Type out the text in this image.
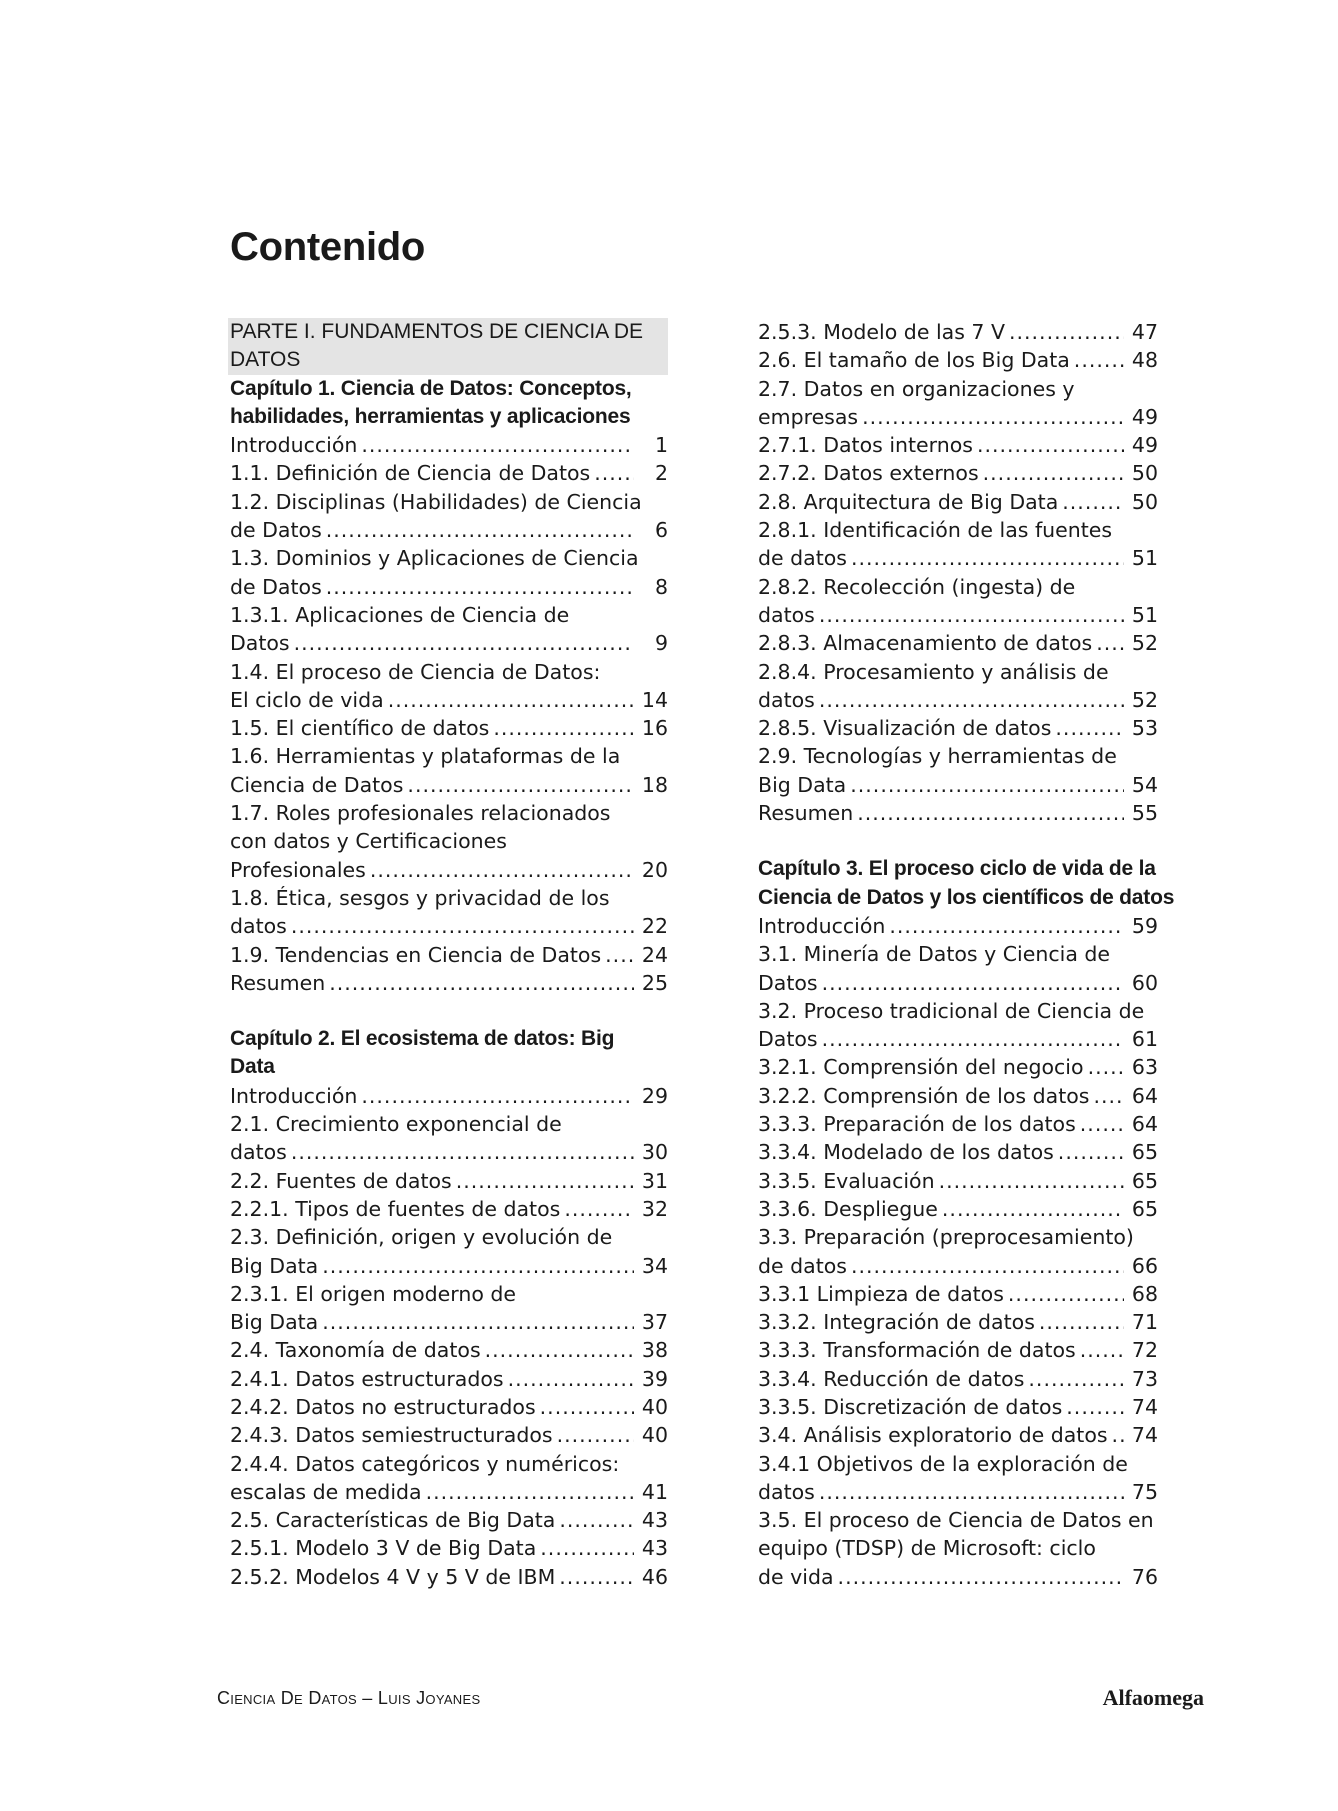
Contenido
PARTE I. FUNDAMENTOS DE CIENCIA DE
DATOS
Capítulo 1. Ciencia de Datos: Conceptos,
habilidades, herramientas y aplicaciones
Introducción .....	1
1.1. Definición de Ciencia de Datos .....	2
1.2. Disciplinas (Habilidades) de Ciencia
de Datos .....	6
1.3. Dominios y Aplicaciones de Ciencia
de Datos .....	8
1.3.1. Aplicaciones de Ciencia de
Datos .....	9
1.4. El proceso de Ciencia de Datos:
El ciclo de vida .....	14
1.5. El científico de datos .....	16
1.6. Herramientas y plataformas de la
Ciencia de Datos .....	18
1.7. Roles profesionales relacionados
con datos y Certificaciones
Profesionales .....	20
1.8. Ética, sesgos y privacidad de los
datos .....	22
1.9. Tendencias en Ciencia de Datos ..... 24
Resumen .....	25
Capítulo 2. El ecosistema de datos: Big
Data
Introducción .....	29
2.1. Crecimiento exponencial de
datos .....	30
2.2. Fuentes de datos .....	31
2.2.1. Tipos de fuentes de datos .....	32
2.3. Definición, origen y evolución de
Big Data .....	34
2.3.1. El origen moderno de
Big Data .....	37
2.4. Taxonomía de datos .....	38
2.4.1. Datos estructurados .....	39
2.4.2. Datos no estructurados .....	40
2.4.3. Datos semiestructurados .....	40
2.4.4. Datos categóricos y numéricos:
escalas de medida .....	41
2.5. Características de Big Data .....	43
2.5.1. Modelo 3 V de Big Data .....	43
2.5.2. Modelos 4 V y 5 V de IBM .....	46
2.5.3. Modelo de las 7 V .....	47
2.6. El tamaño de los Big Data .....	48
2.7. Datos en organizaciones y
empresas .....	49
2.7.1. Datos internos .....	49
2.7.2. Datos externos .....	50
2.8. Arquitectura de Big Data .....	50
2.8.1. Identificación de las fuentes
de datos .....	51
2.8.2. Recolección (ingesta) de
datos .....	51
2.8.3. Almacenamiento de datos ..... 52
2.8.4. Procesamiento y análisis de
datos .....	52
2.8.5. Visualización de datos .....	53
2.9. Tecnologías y herramientas de
Big Data .....	54
Resumen .....	55
Capítulo 3. El proceso ciclo de vida de la
Ciencia de Datos y los científicos de datos
Introducción .....	59
3.1. Minería de Datos y Ciencia de
Datos .....	60
3.2. Proceso tradicional de Ciencia de
Datos .....	61
3.2.1. Comprensión del negocio ..... 63
3.2.2. Comprensión de los datos ..... 64
3.3.3. Preparación de los datos .....	64
3.3.4. Modelado de los datos .....	65
3.3.5. Evaluación .....	65
3.3.6. Despliegue .....	65
3.3. Preparación (preprocesamiento)
de datos .....	66
3.3.1 Limpieza de datos .....	68
3.3.2. Integración de datos .....	71
3.3.3. Transformación de datos .....	72
3.3.4. Reducción de datos .....	73
3.3.5. Discretización de datos .....	74
3.4. Análisis exploratorio de datos ..... 74
3.4.1 Objetivos de la exploración de
datos .....	75
3.5. El proceso de Ciencia de Datos en
equipo (TDSP) de Microsoft: ciclo
de vida .....	76
Ciencia De Datos – Luis Joyanes	Alfaomega
